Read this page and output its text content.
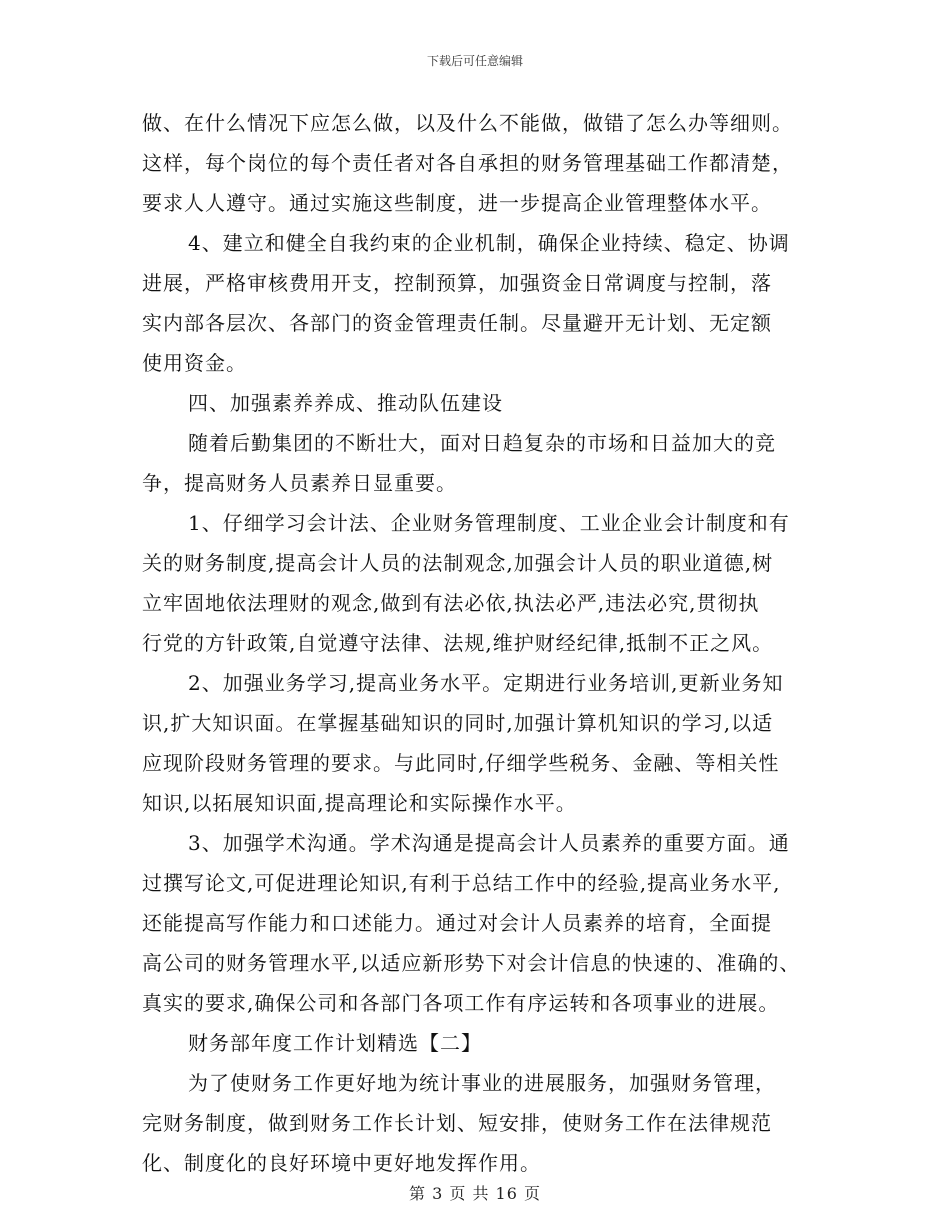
下载后可任意编辑
做、在什么情况下应怎么做，以及什么不能做，做错了怎么办等细则。
这样，每个岗位的每个责任者对各自承担的财务管理基础工作都清楚，
要求人人遵守。通过实施这些制度，进一步提高企业管理整体水平。
4、建立和健全自我约束的企业机制，确保企业持续、稳定、协调
进展，严格审核费用开支，控制预算，加强资金日常调度与控制，落
实内部各层次、各部门的资金管理责任制。尽量避开无计划、无定额
使用资金。
四、加强素养养成、推动队伍建设
随着后勤集团的不断壮大，面对日趋复杂的市场和日益加大的竞
争，提高财务人员素养日显重要。
1、仔细学习会计法、企业财务管理制度、工业企业会计制度和有
关的财务制度,提高会计人员的法制观念,加强会计人员的职业道德,树
立牢固地依法理财的观念,做到有法必依,执法必严,违法必究,贯彻执
行党的方针政策,自觉遵守法律、法规,维护财经纪律,抵制不正之风。
2、加强业务学习,提高业务水平。定期进行业务培训,更新业务知
识,扩大知识面。在掌握基础知识的同时,加强计算机知识的学习,以适
应现阶段财务管理的要求。与此同时,仔细学些税务、金融、等相关性
知识,以拓展知识面,提高理论和实际操作水平。
3、加强学术沟通。学术沟通是提高会计人员素养的重要方面。通
过撰写论文,可促进理论知识,有利于总结工作中的经验,提高业务水平,
还能提高写作能力和口述能力。通过对会计人员素养的培育，全面提
高公司的财务管理水平,以适应新形势下对会计信息的快速的、准确的、
真实的要求,确保公司和各部门各项工作有序运转和各项事业的进展。
财务部年度工作计划精选【二】
为了使财务工作更好地为统计事业的进展服务，加强财务管理，
完财务制度，做到财务工作长计划、短安排，使财务工作在法律规范
化、制度化的良好环境中更好地发挥作用。
第 3 页 共 16 页
